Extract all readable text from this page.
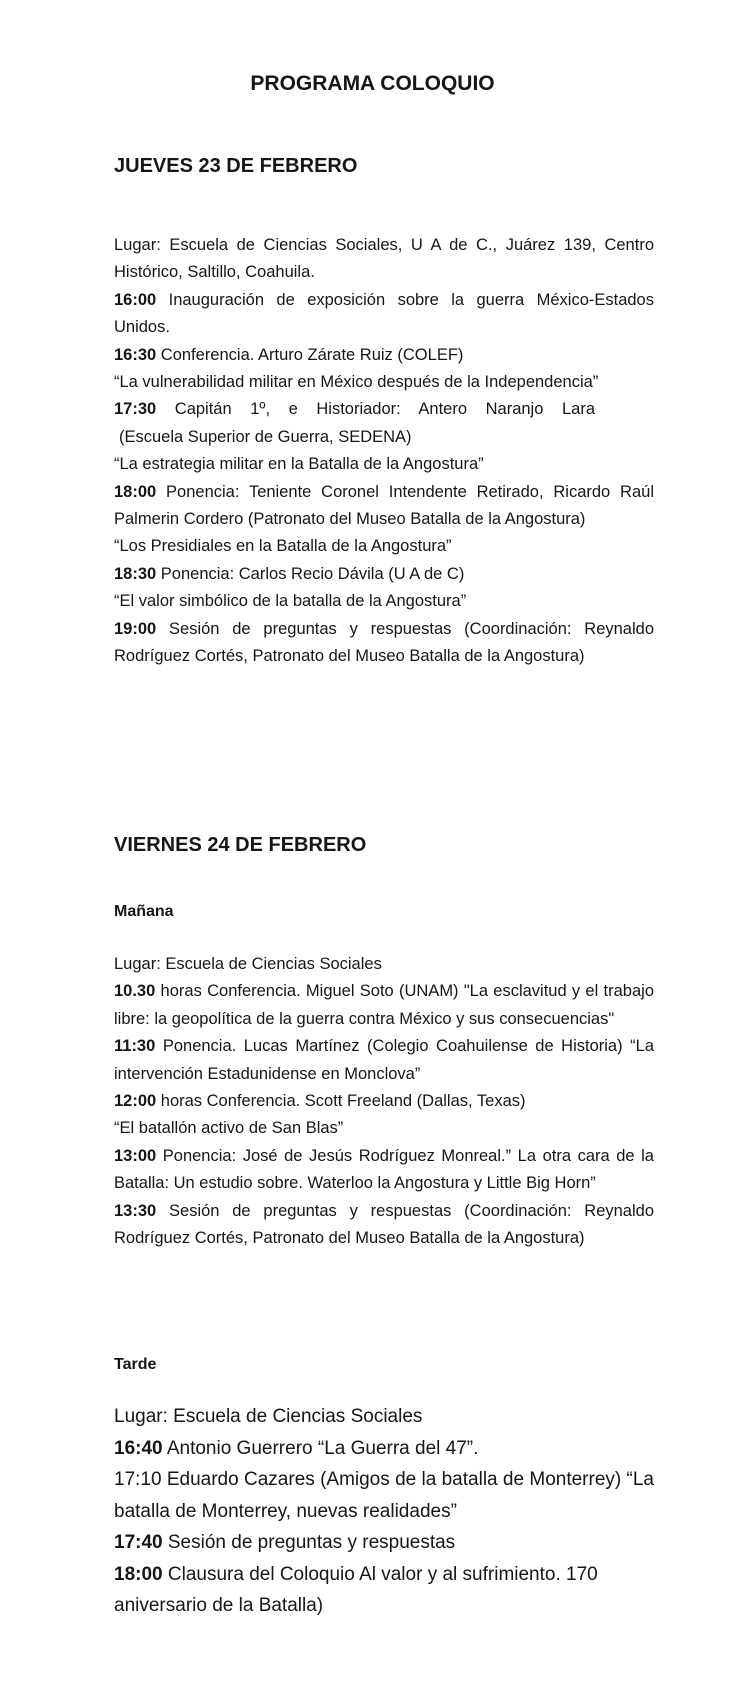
PROGRAMA COLOQUIO
JUEVES 23 DE FEBRERO

Lugar: Escuela de Ciencias Sociales, U A de C., Juárez 139, Centro Histórico, Saltillo, Coahuila.

16:00 Inauguración de exposición sobre la guerra México-Estados Unidos.

16:30 Conferencia. Arturo Zárate Ruiz (COLEF)

“La vulnerabilidad militar en México después de la Independencia”

17:30 Capitán 1º, e Historiador: Antero Naranjo Lara

(Escuela Superior de Guerra, SEDENA)

“La estrategia militar en la Batalla de la Angostura”

18:00 Ponencia: Teniente Coronel Intendente Retirado, Ricardo Raúl Palmerin Cordero (Patronato del Museo Batalla de la Angostura)

“Los Presidiales en la Batalla de la Angostura”

18:30 Ponencia: Carlos Recio Dávila (U A de C)

“El valor simbólico de la batalla de la Angostura”

19:00 Sesión de preguntas y respuestas (Coordinación: Reynaldo Rodríguez Cortés, Patronato del Museo Batalla de la Angostura)

VIERNES 24 DE FEBRERO
Mañana

Lugar: Escuela de Ciencias Sociales

10.30 horas Conferencia. Miguel Soto (UNAM) "La esclavitud y el trabajo libre: la geopolítica de la guerra contra México y sus consecuencias"

11:30 Ponencia. Lucas Martínez (Colegio Coahuilense de Historia) “La intervención Estadunidense en Monclova”

12:00 horas Conferencia. Scott Freeland (Dallas, Texas)

“El batallón activo de San Blas”

13:00 Ponencia: José de Jesús Rodríguez Monreal.” La otra cara de la Batalla: Un estudio sobre. Waterloo la Angostura y Little Big Horn”

13:30 Sesión de preguntas y respuestas (Coordinación: Reynaldo Rodríguez Cortés, Patronato del Museo Batalla de la Angostura)

Tarde

Lugar: Escuela de Ciencias Sociales

16:40 Antonio Guerrero “La Guerra del 47”.

17:10 Eduardo Cazares (Amigos de la batalla de Monterrey) “La batalla de Monterrey, nuevas realidades”

17:40 Sesión de preguntas y respuestas

18:00 Clausura del Coloquio Al valor y al sufrimiento. 170 aniversario de la Batalla)
